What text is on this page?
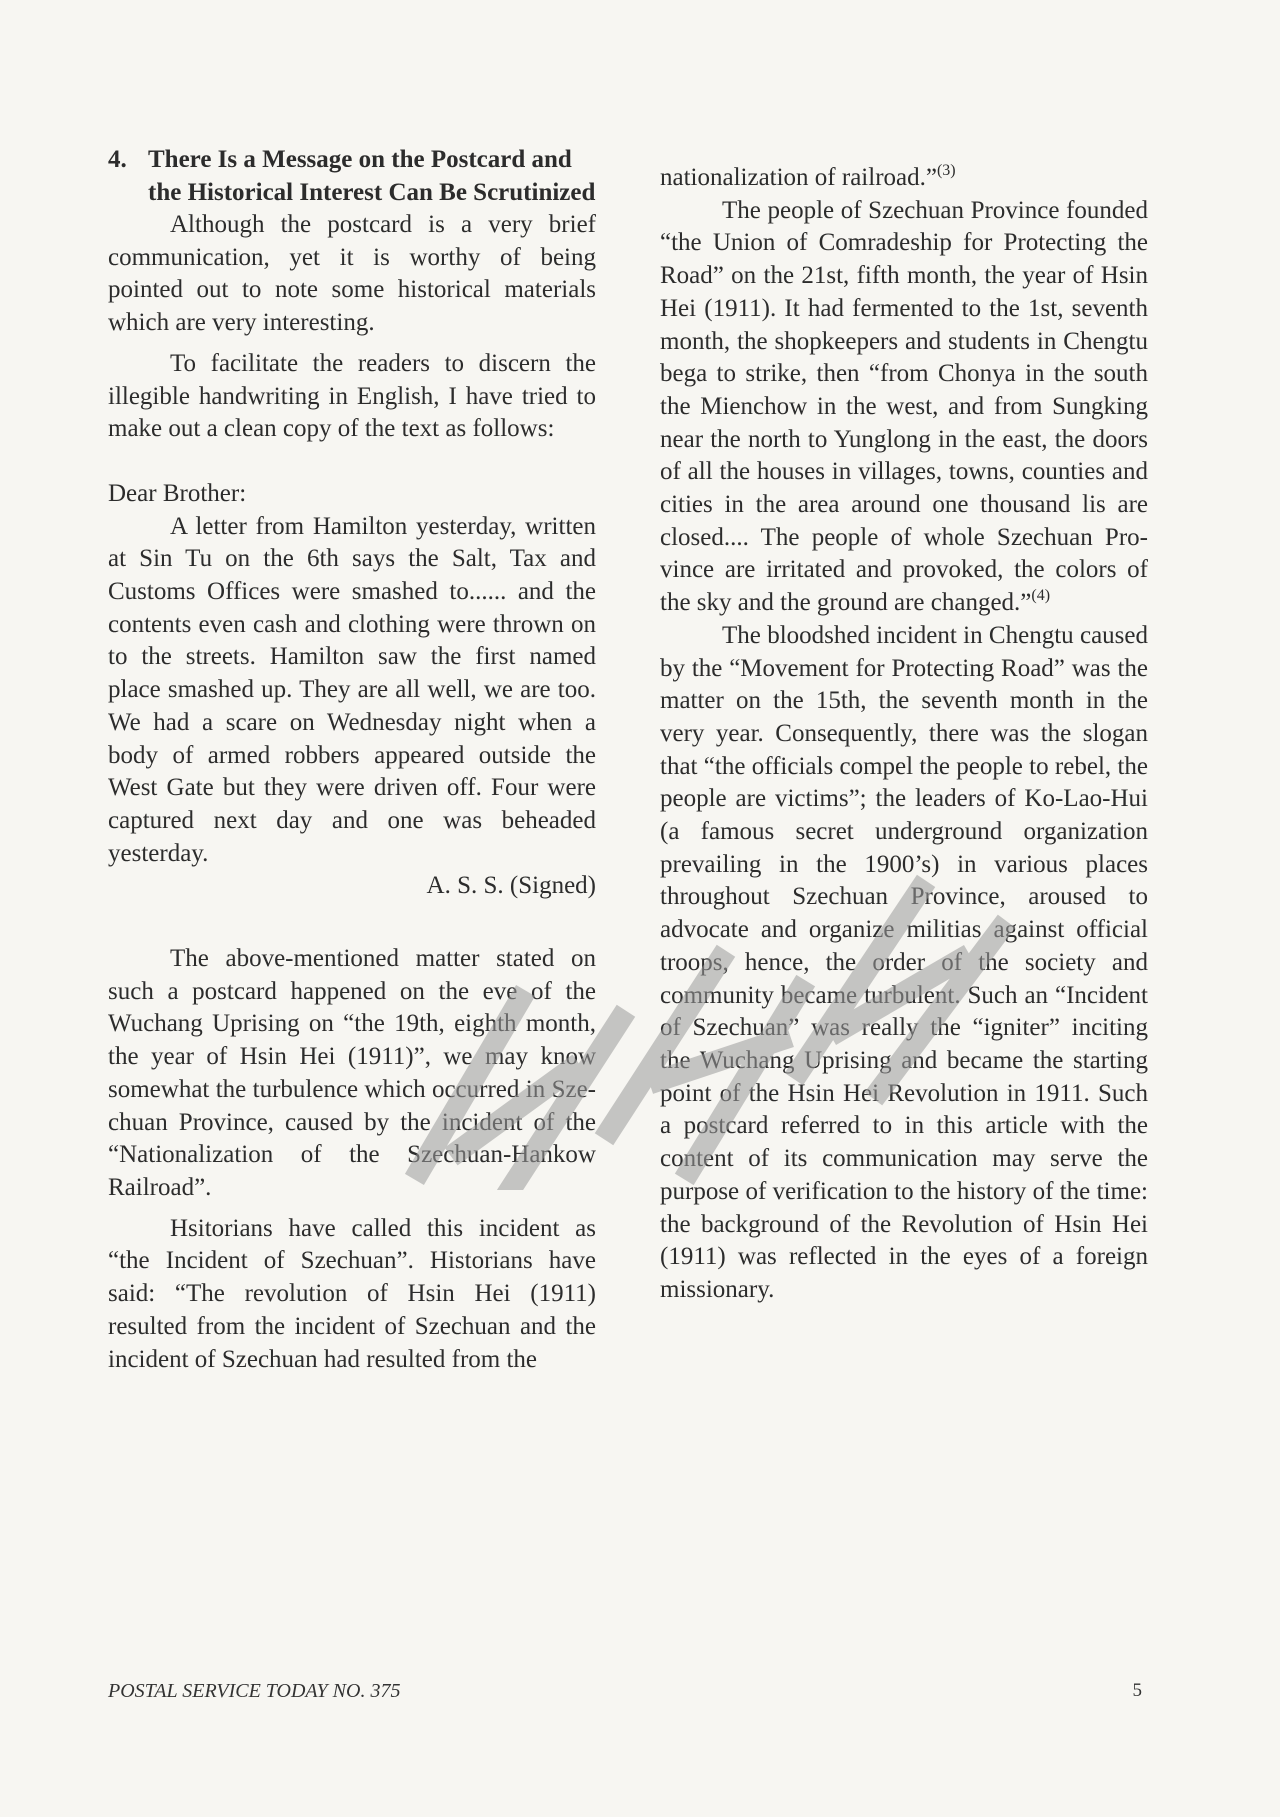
4. There Is a Message on the Postcard and the Historical Interest Can Be Scrutinized

Although the postcard is a very brief communication, yet it is worthy of being pointed out to note some historical materials which are very interesting.

To facilitate the readers to discern the illegible handwriting in English, I have tried to make out a clean copy of the text as follows:

Dear Brother:

A letter from Hamilton yesterday, written at Sin Tu on the 6th says the Salt, Tax and Customs Offices were smashed to...... and the contents even cash and clothing were thrown on to the streets. Hamilton saw the first named place smashed up. They are all well, we are too. We had a scare on Wednesday night when a body of armed robbers appeared outside the West Gate but they were driven off. Four were captured next day and one was beheaded yesterday.

A. S. S. (Signed)

The above-mentioned matter stated on such a postcard happened on the eve of the Wuchang Uprising on “the 19th, eighth month, the year of Hsin Hei (1911)”, we may know somewhat the turbulence which occurred in Szechuan Province, caused by the incident of the “Nationalization of the Szechuan-Hankow Railroad”.

Hsitorians have called this incident as “the Incident of Szechuan”. Historians have said: “The revolution of Hsin Hei (1911) resulted from the incident of Szechuan and the incident of Szechuan had resulted from the

nationalization of railroad.”$^{(3)}$

The people of Szechuan Province founded “the Union of Comradeship for Protecting the Road” on the 21st, fifth month, the year of Hsin Hei (1911). It had fermented to the 1st, seventh month, the shopkeepers and students in Chengtu bega to strike, then “from Chonya in the south the Mienchow in the west, and from Sungking near the north to Yunglong in the east, the doors of all the houses in villages, towns, counties and cities in the area around one thousand lis are closed.... The people of whole Szechuan Province are irritated and provoked, the colors of the sky and the ground are changed.”$^{(4)}$

The bloodshed incident in Chengtu caused by the “Movement for Protecting Road” was the matter on the 15th, the seventh month in the very year. Consequently, there was the slogan that “the officials compel the people to rebel, the people are victims”; the leaders of Ko-Lao-Hui (a famous secret underground organization prevailing in the 1900’s) in various places throughout Szechuan Province, aroused to advocate and organize militias against official troops, hence, the order of the society and community became turbulent. Such an “Incident of Szechuan” was really the “igniter” inciting the Wuchang Uprising and became the starting point of the Hsin Hei Revolution in 1911. Such a postcard referred to in this article with the content of its communication may serve the purpose of verification to the history of the time: the background of the Revolution of Hsin Hei (1911) was reflected in the eyes of a foreign missionary.

POSTAL SERVICE TODAY NO. 375	5
